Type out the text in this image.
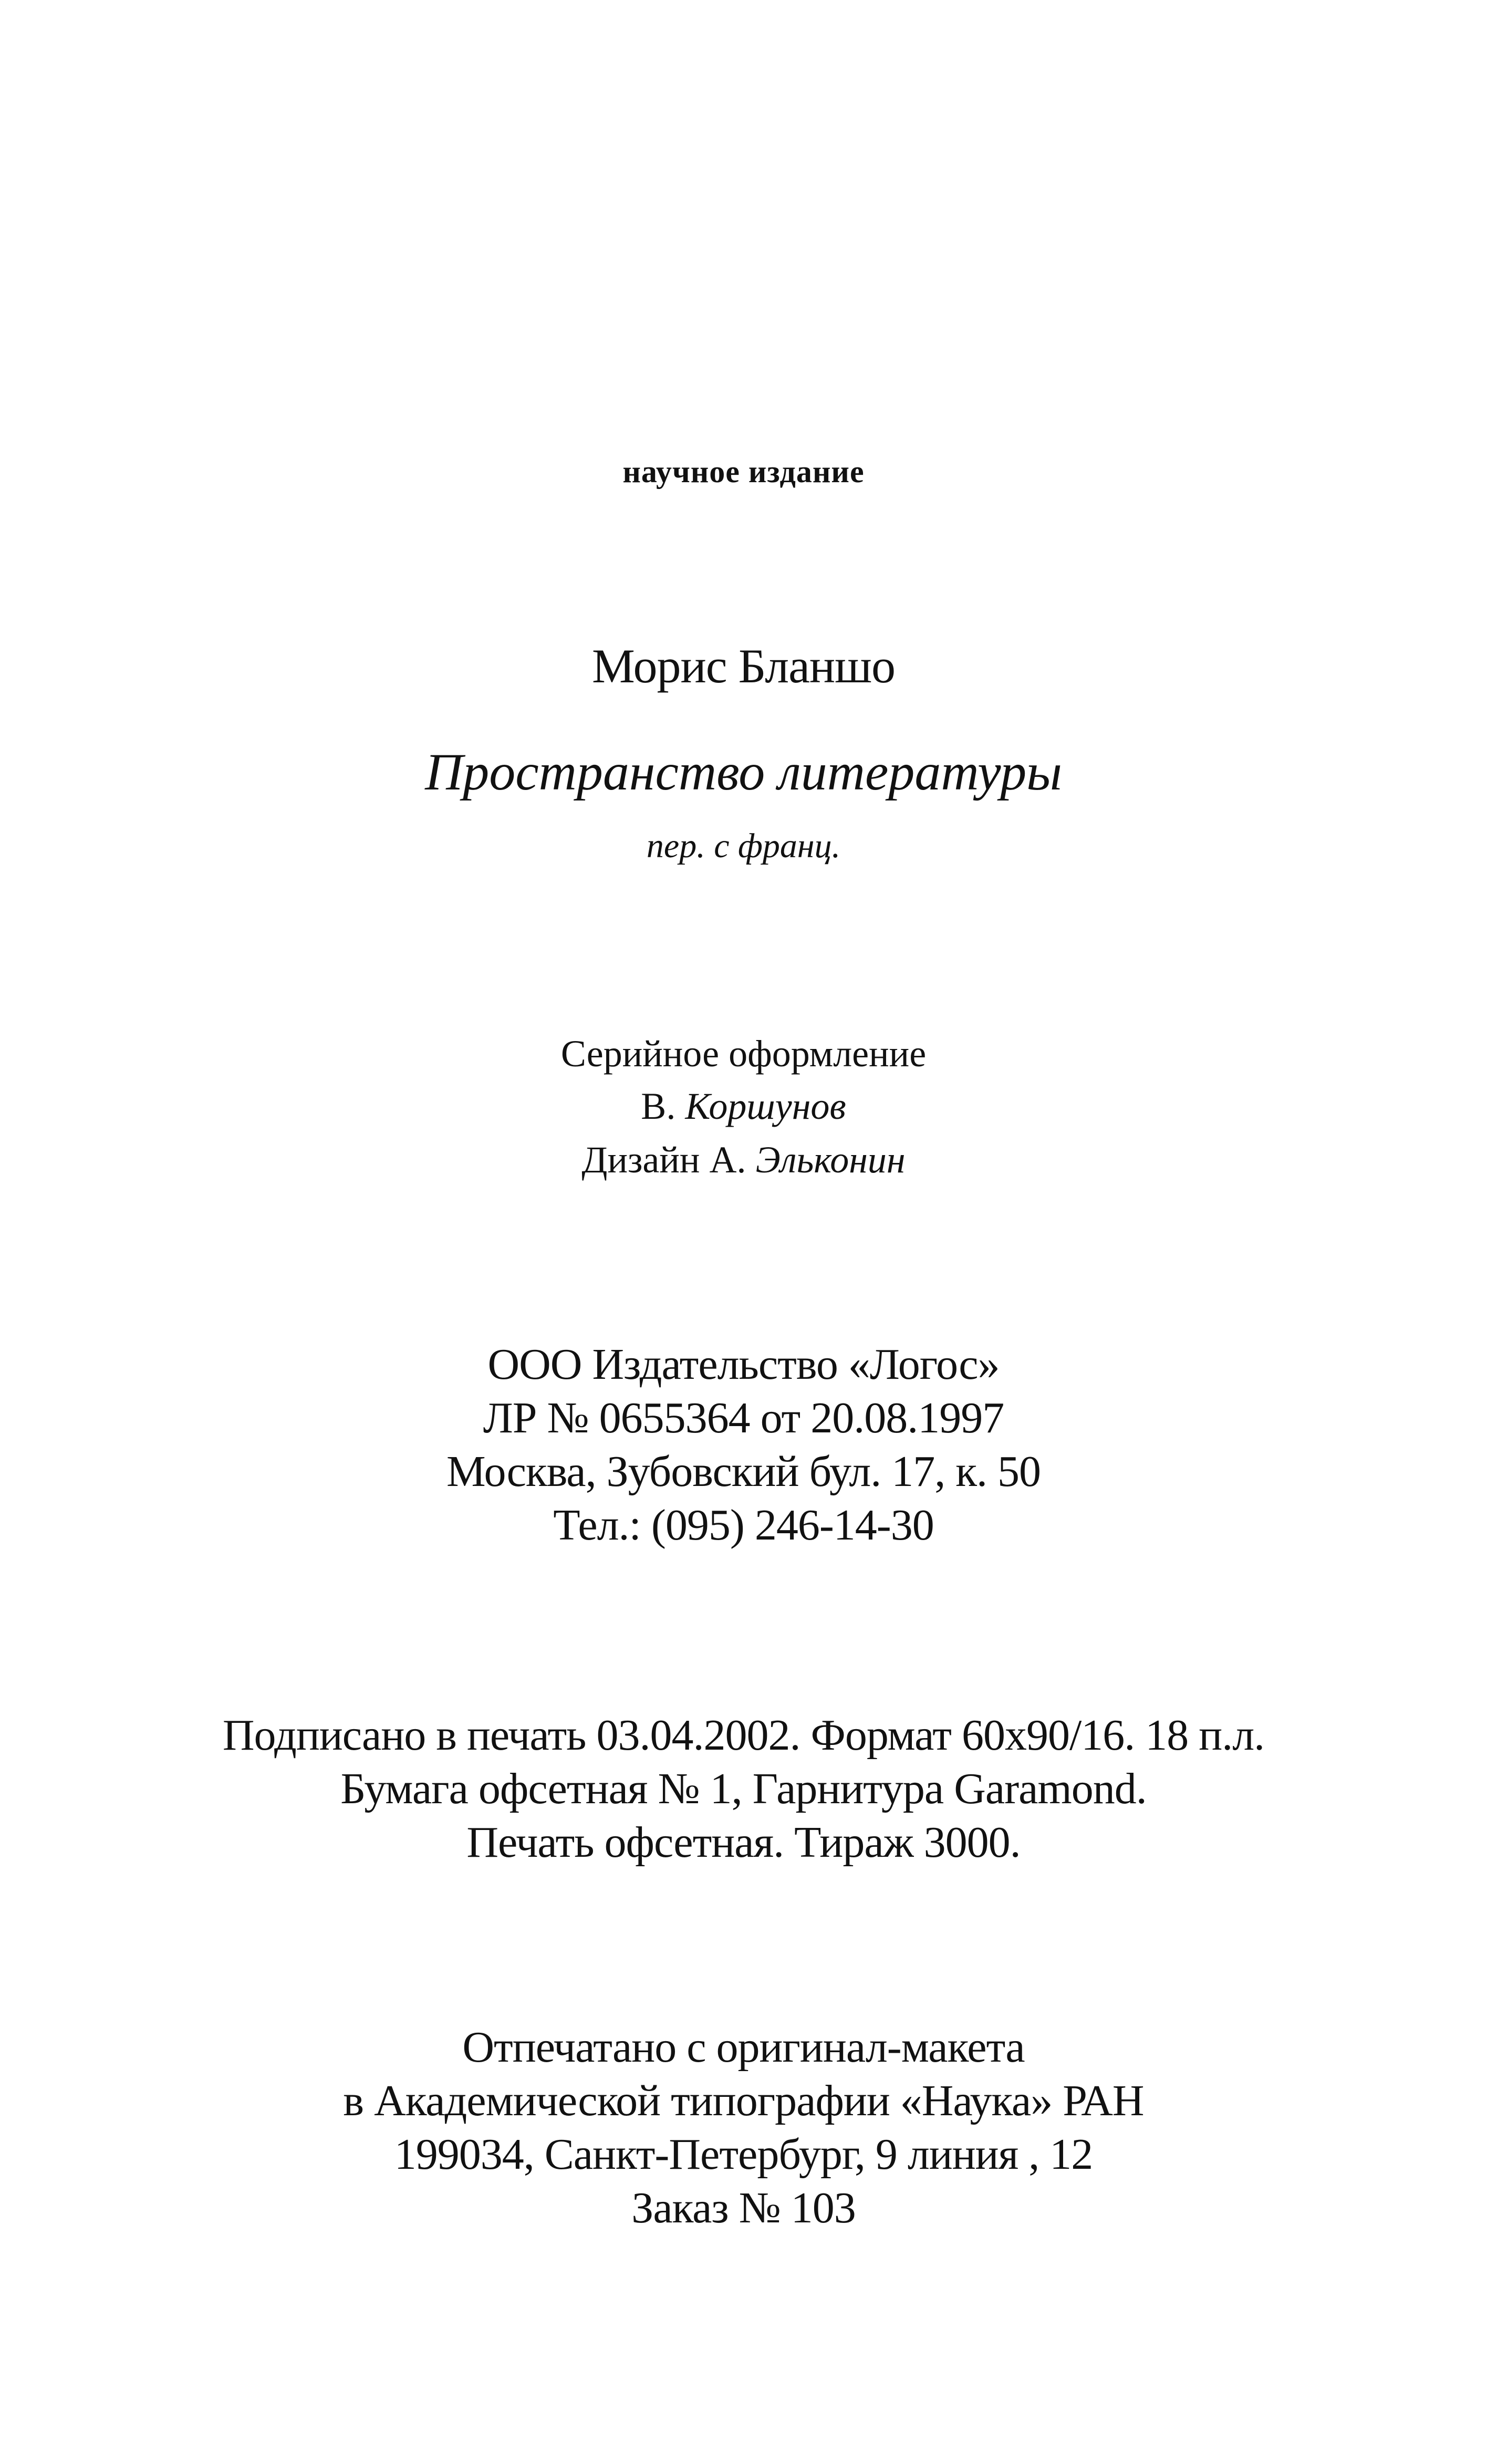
научное издание
Морис Бланшо
Пространство литературы
пер. с франц.
Серийное оформление
В. Коршунов
Дизайн А. Эльконин
ООО Издательство «Логос»
ЛР № 0655364 от 20.08.1997
Москва, Зубовский бул. 17, к. 50
Тел.: (095) 246-14-30
Подписано в печать 03.04.2002. Формат 60x90/16. 18 п.л.
Бумага офсетная № 1, Гарнитура Garamond.
Печать офсетная. Тираж 3000.
Отпечатано с оригинал-макета
в Академической типографии «Наука» РАН
199034, Санкт-Петербург, 9 линия , 12
Заказ № 103
